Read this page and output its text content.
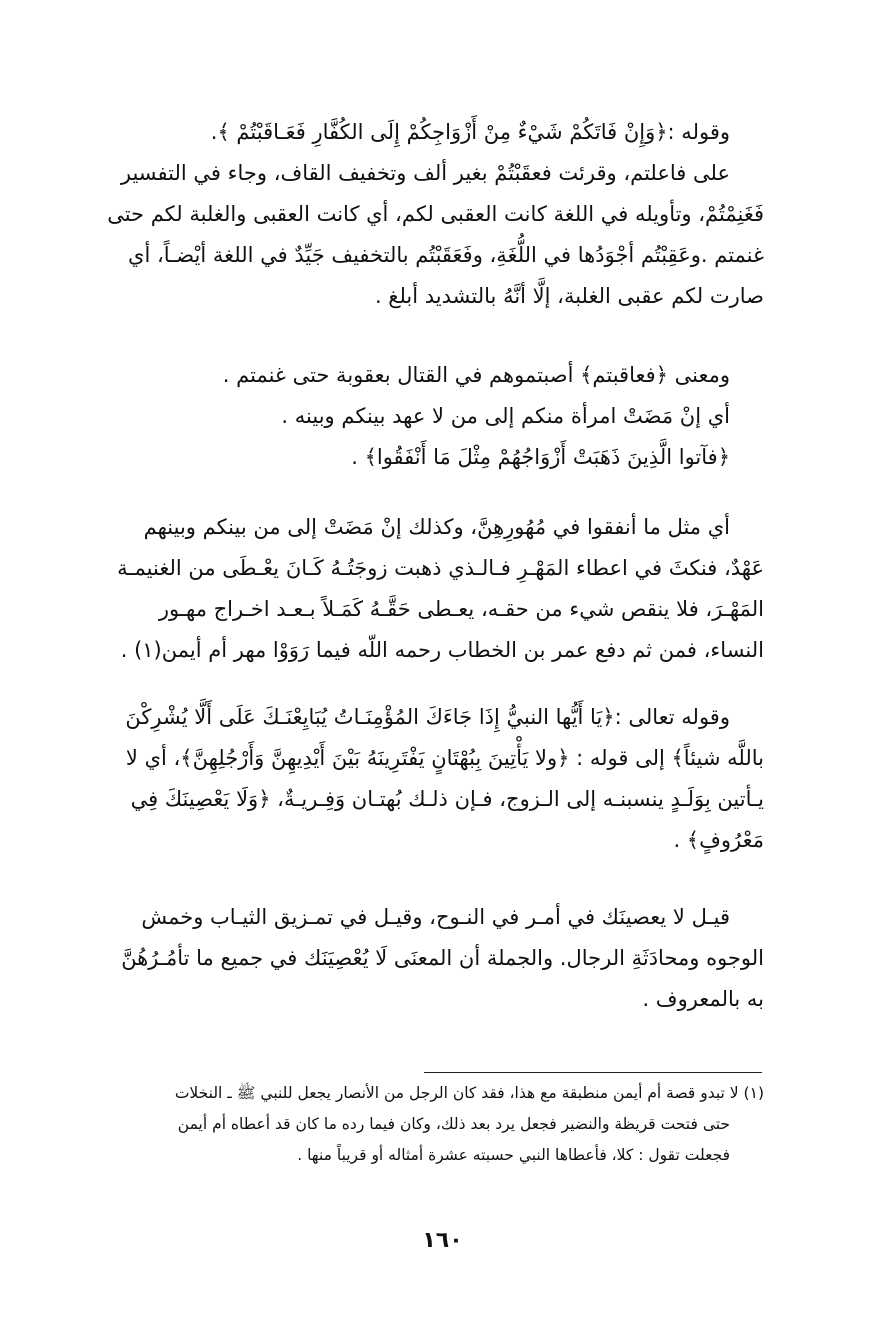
وقوله :﴿وَإِنْ فَاتَكُمْ شَيْءٌ مِنْ أَزْوَاجِكُمْ إِلَى الكُفَّارِ فَعَـاقَبْتُمْ ﴾.

على فاعلتم، وقرئت فعقَبْتُمْ بغير ألف وتخفيف القاف، وجاء في التفسير
فَغَنِمْتُمْ، وتأويله في اللغة كانت العقبى لكم، أي كانت العقبى والغلبة لكم حتى
غنمتم .وعَقِبْتُم أجْوَدُها في اللُّغَةِ، وفَعَقَبْتُم بالتخفيف جَيِّدٌ في اللغة أيْضـاً، أي
صارت لكم عقبى الغلبة، إلَّا أنَّهُ بالتشديد أبلغ .

ومعنى ﴿فعاقبتم﴾ أصبتموهم في القتال بعقوبة حتى غنمتم .
أي إنْ مَضَتْ امرأة منكم إلى من لا عهد بينكم وبينه .
﴿فآتوا الَّذِينَ ذَهَبَتْ أَزْوَاجُهُمْ مِثْلَ مَا أَنْفَقُوا﴾ .

أي مثل ما أنفقوا في مُهُورِهِنَّ، وكذلك إنْ مَضَتْ إلى من بينكم وبينهم
عَهْدٌ، فنكثَ في اعطاء المَهْـرِ فـالـذي ذهبت زوجَتُـهُ كَـانَ يعْـطَى من الغنيمـة
المَهْـرَ، فلا ينقص شيء من حقـه، يعـطى حَقَّـهُ كَمَـلاً بـعـد اخـراج مهـور
النساء، فمن ثم دفع عمر بن الخطاب رحمه اللّه فيما رَوَوْا مهر أم أيمن(١) .

وقوله تعالى :﴿يَا أَيُّها النبيُّ إِذَا جَاءَكَ المُؤْمِنَـاتُ يُبَايِعْنَـكَ عَلَى أَلَّا يُشْرِكْنَ
باللَّه شيئاً﴾ إلى قوله : ﴿ولا يَأْتِينَ بِبُهْتَانٍ يَفْتَرِينَهُ بَيْنَ أَيْدِيهِنَّ وَأَرْجُلِهِنَّ﴾، أي لا
يـأتين بِوَلَـدٍ ينسبنـه إلى الـزوج، فـإن ذلـك بُهتـان وَفِـريـةٌ، ﴿وَلَا يَعْصِينَكَ فِي
مَعْرُوفٍ﴾ .

قيـل لا يعصينَك في أمـر في النـوح، وقيـل في تمـزيق الثيـاب وخمش
الوجوه ومحادَثَةِ الرجال. والجملة أن المعنَى لَا يُعْصِيَنَك في جميع ما تأمُـرُهُنَّ
به بالمعروف .

(١) لا تبدو قصة أم أيمن منطبقة مع هذا، فقد كان الرجل من الأنصار يجعل للنبي ﷺ ـ النخلات
حتى فتحت قريظة والنضير فجعل يرد بعد ذلك، وكان فيما رده ما كان قد أعطاه أم أيمن
فجعلت تقول : كلا، فأعطاها النبي حسبته عشرة أمثاله أو قريباً منها .
١٦٠
